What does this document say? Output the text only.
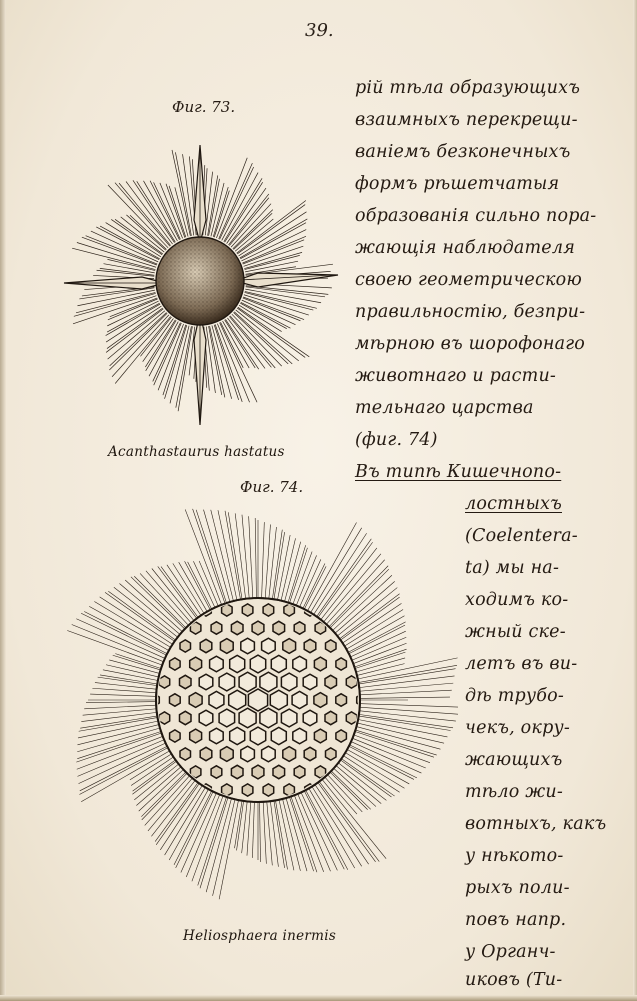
39.
Фиг. 73.
Acanthastaurus hastatus
Фиг. 74.
Heliosphaera inermis
рій тѣла образующихъ
взаимныхъ перекрещи-
ванiемъ безконечныхъ
формъ рѣшетчатыя
образованія сильно пора-
жающія наблюдателя
своею геометрическою
правильностію, безпри-
мѣрною въ шорофонаго
животнаго и расти-
тельнаго царства
(фиг. 74)
Въ типѣ Кишечнопо-
лостныхъ
(Coelentera-
ta) мы на-
ходимъ ко-
жный ске-
летъ въ ви-
дѣ трубо-
чекъ, окру-
жающихъ
тѣло жи-
вотныхъ, какъ
у нѣкото-
рыхъ поли-
повъ напр.
у Органч-
иковъ (Tu-
